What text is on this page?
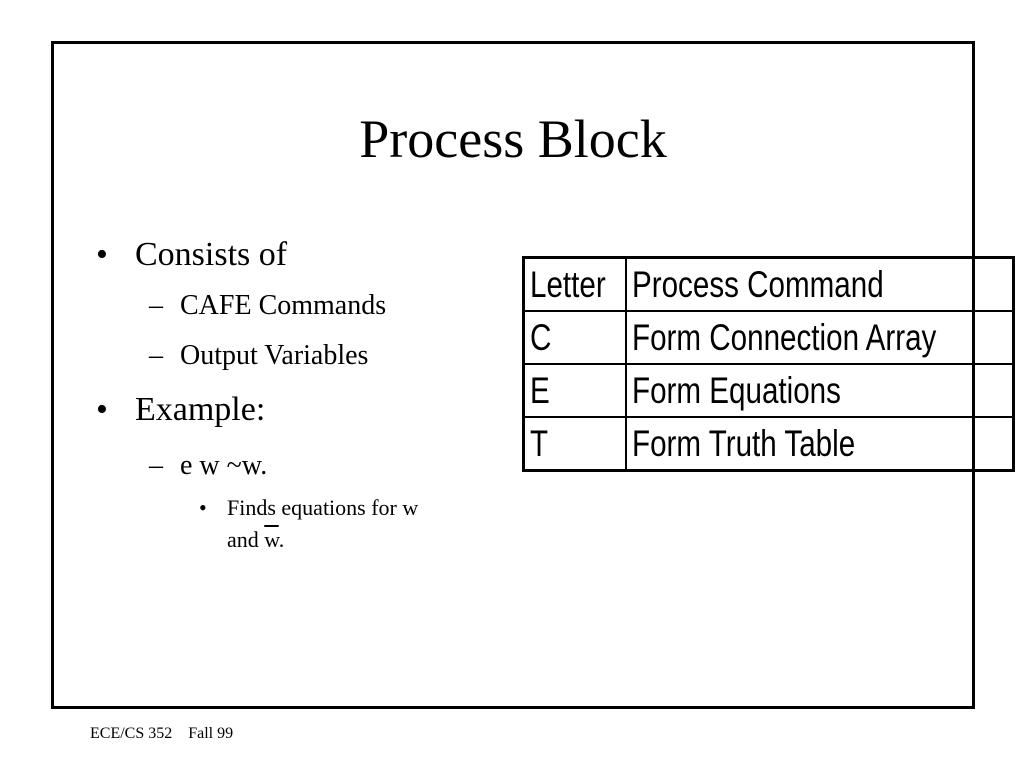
Process Block
• Consists of
– CAFE Commands
– Output Variables
• Example:
– e w ~w.
• Finds equations for w
and $\overline{w}$.
Letter	Process Command
C	Form Connection Array
E	Form Equations
T	Form Truth Table
ECE/CS 352 Fall 99
